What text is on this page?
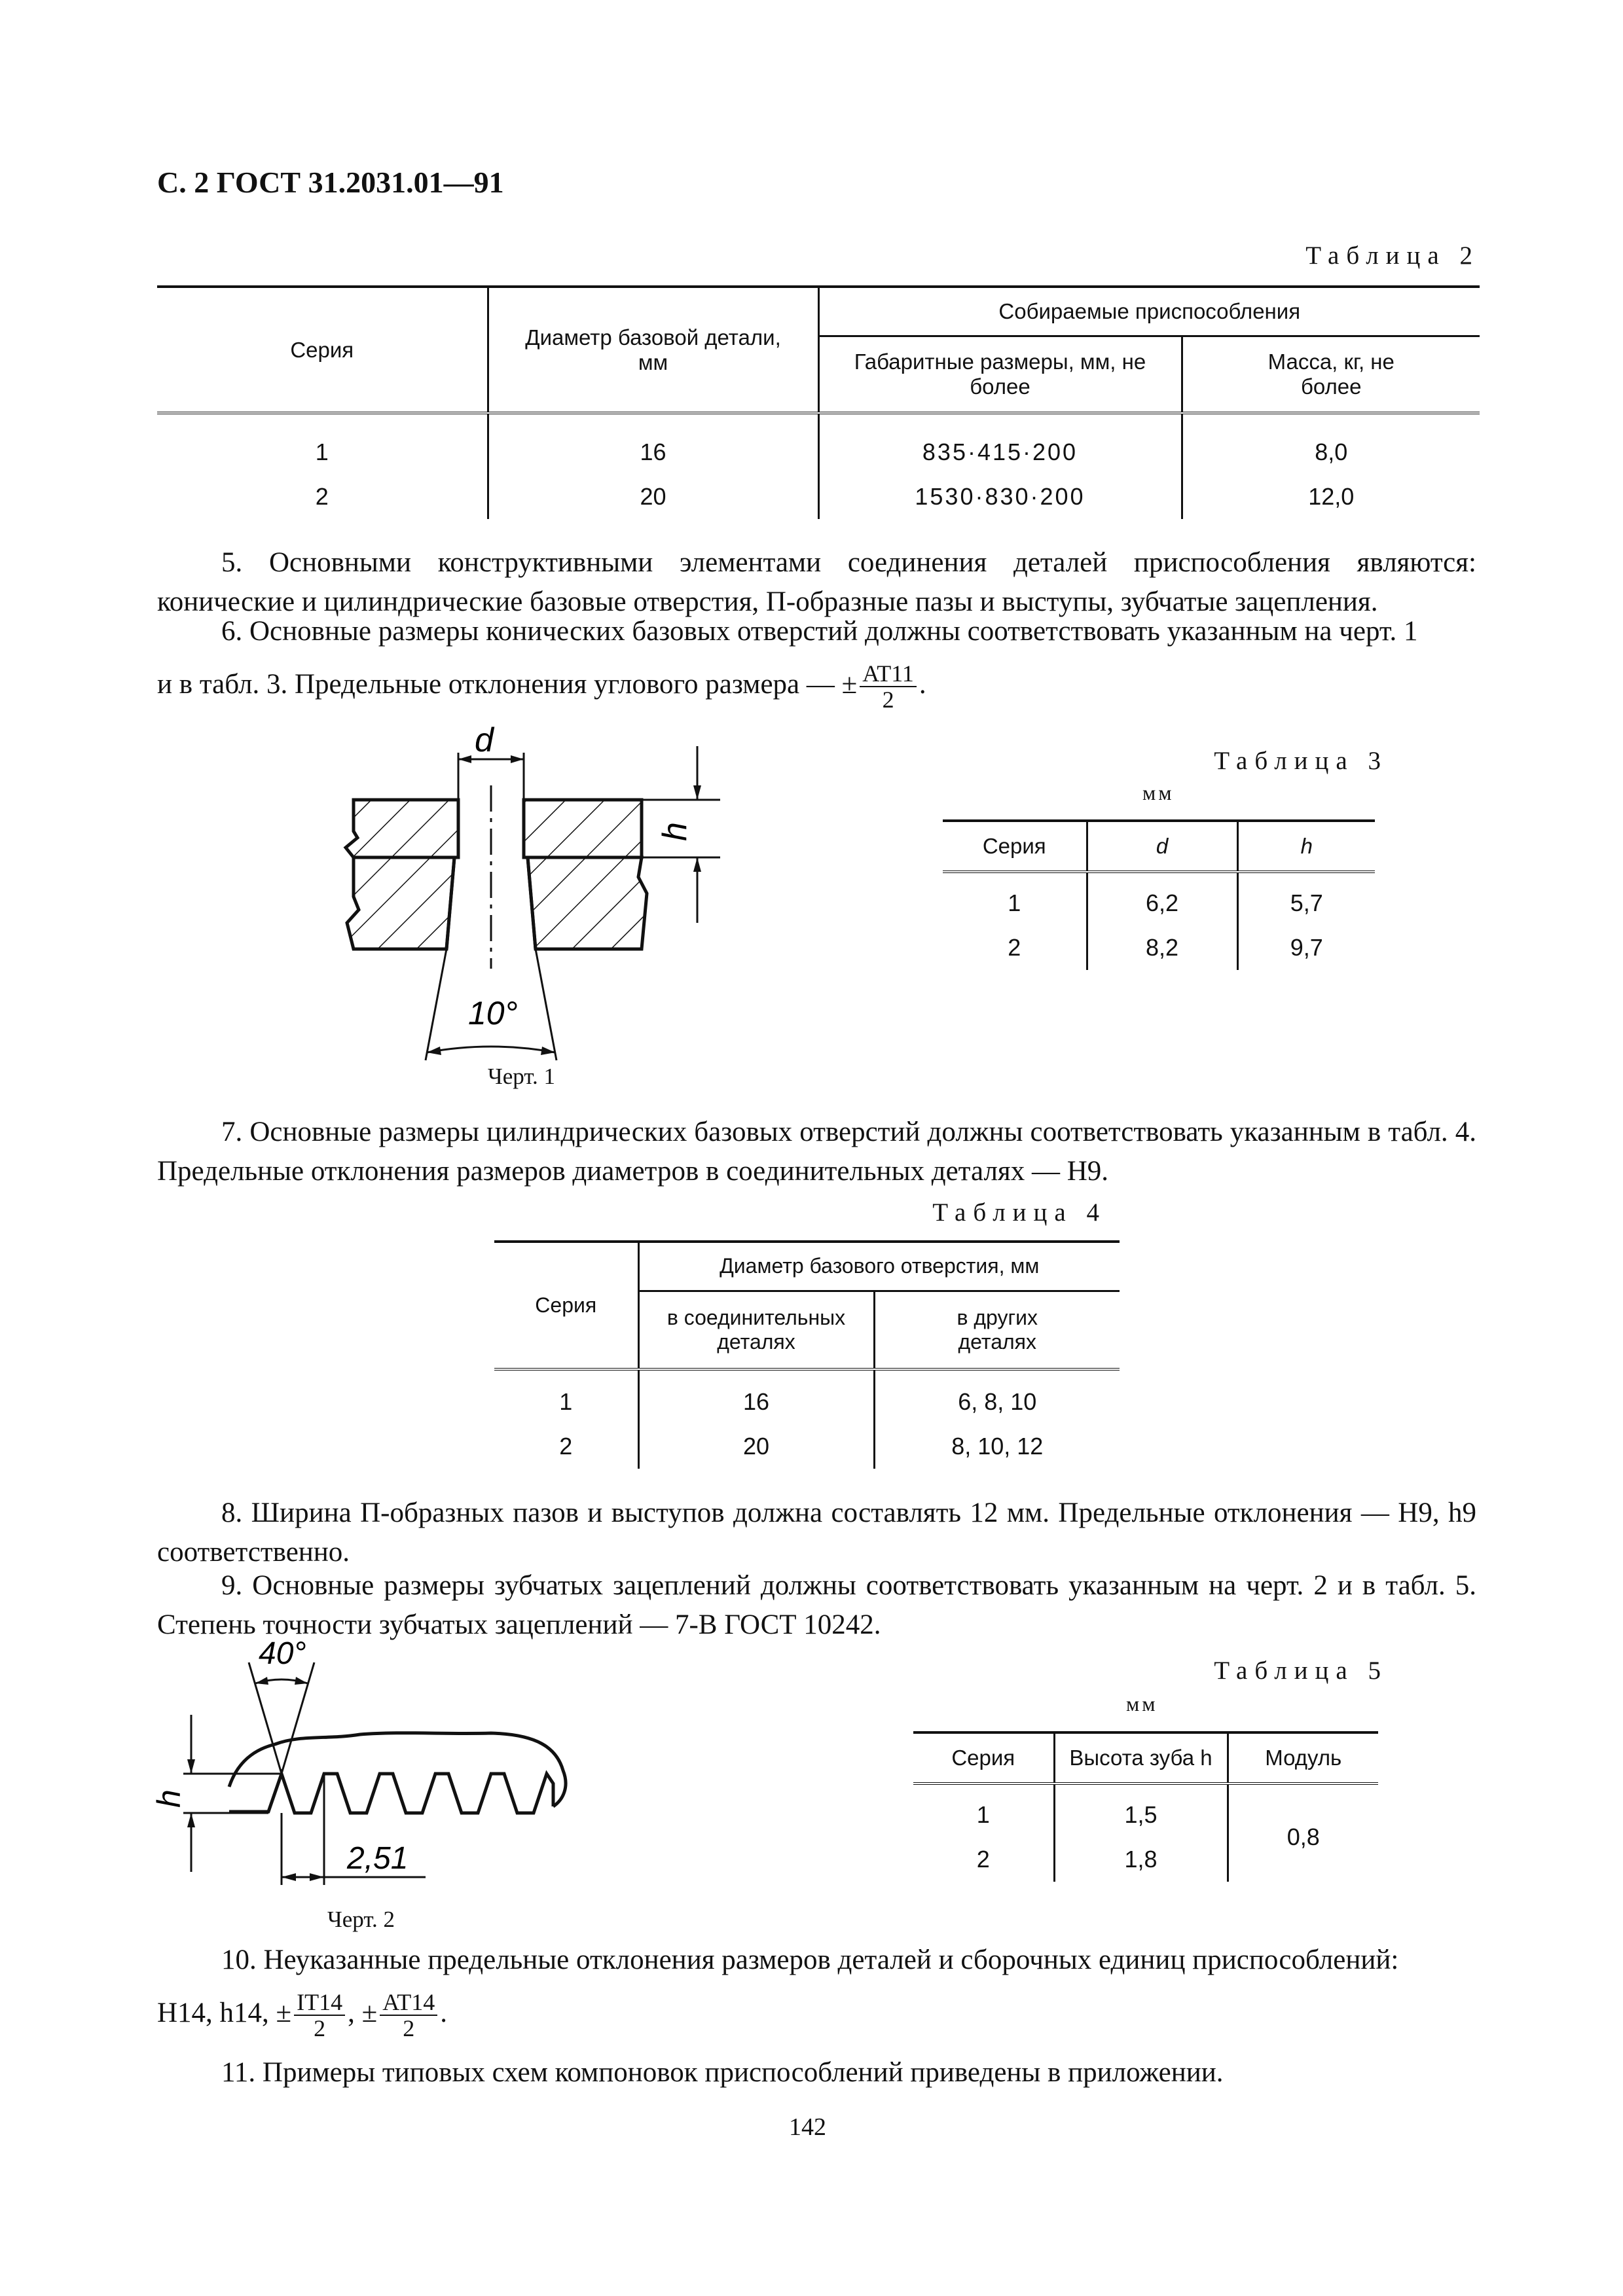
С. 2 ГОСТ 31.2031.01—91
Таблица 2
Серия	Диаметр базовой детали, мм	Собираемые приспособления	
		Габаритные размеры, мм, не более	Масса, кг, не более

1	16	835·415·200	8,0
2	20	1530·830·200	12,0
5. Основными конструктивными элементами соединения деталей приспособления являются: конические и цилиндрические базовые отверстия, П-образные пазы и выступы, зубчатые зацепления.
6. Основные размеры конических базовых отверстий должны соответствовать указанным на черт. 1
и в табл. 3. Предельные отклонения углового размера — ± $\frac{AT11}{2}$ .
d
h
10°
Черт. 1
Таблица 3
мм
Серия	d	h

1	6,2	5,7
2	8,2	9,7
7. Основные размеры цилиндрических базовых отверстий должны соответствовать указанным в табл. 4. Предельные отклонения размеров диаметров в соединительных деталях — H9.
Таблица 4
Серия	Диаметр базового отверстия, мм	
	в соединительных деталях	в других деталях

1	16	6, 8, 10
2	20	8, 10, 12
8. Ширина П-образных пазов и выступов должна составлять 12 мм. Предельные отклонения — H9, h9 соответственно.
9. Основные размеры зубчатых зацеплений должны соответствовать указанным на черт. 2 и в табл. 5. Степень точности зубчатых зацеплений — 7-B ГОСТ 10242.
h
40°
2,51
Черт. 2
Таблица 5
мм
Серия	Высота зуба h	Модуль

1	1,5	0,8
2	1,8	
10. Неуказанные предельные отклонения размеров деталей и сборочных единиц приспособлений:
H14, h14, ± $\frac{IT14}{2}$ , ± $\frac{AT14}{2}$ .
11. Примеры типовых схем компоновок приспособлений приведены в приложении.
142
